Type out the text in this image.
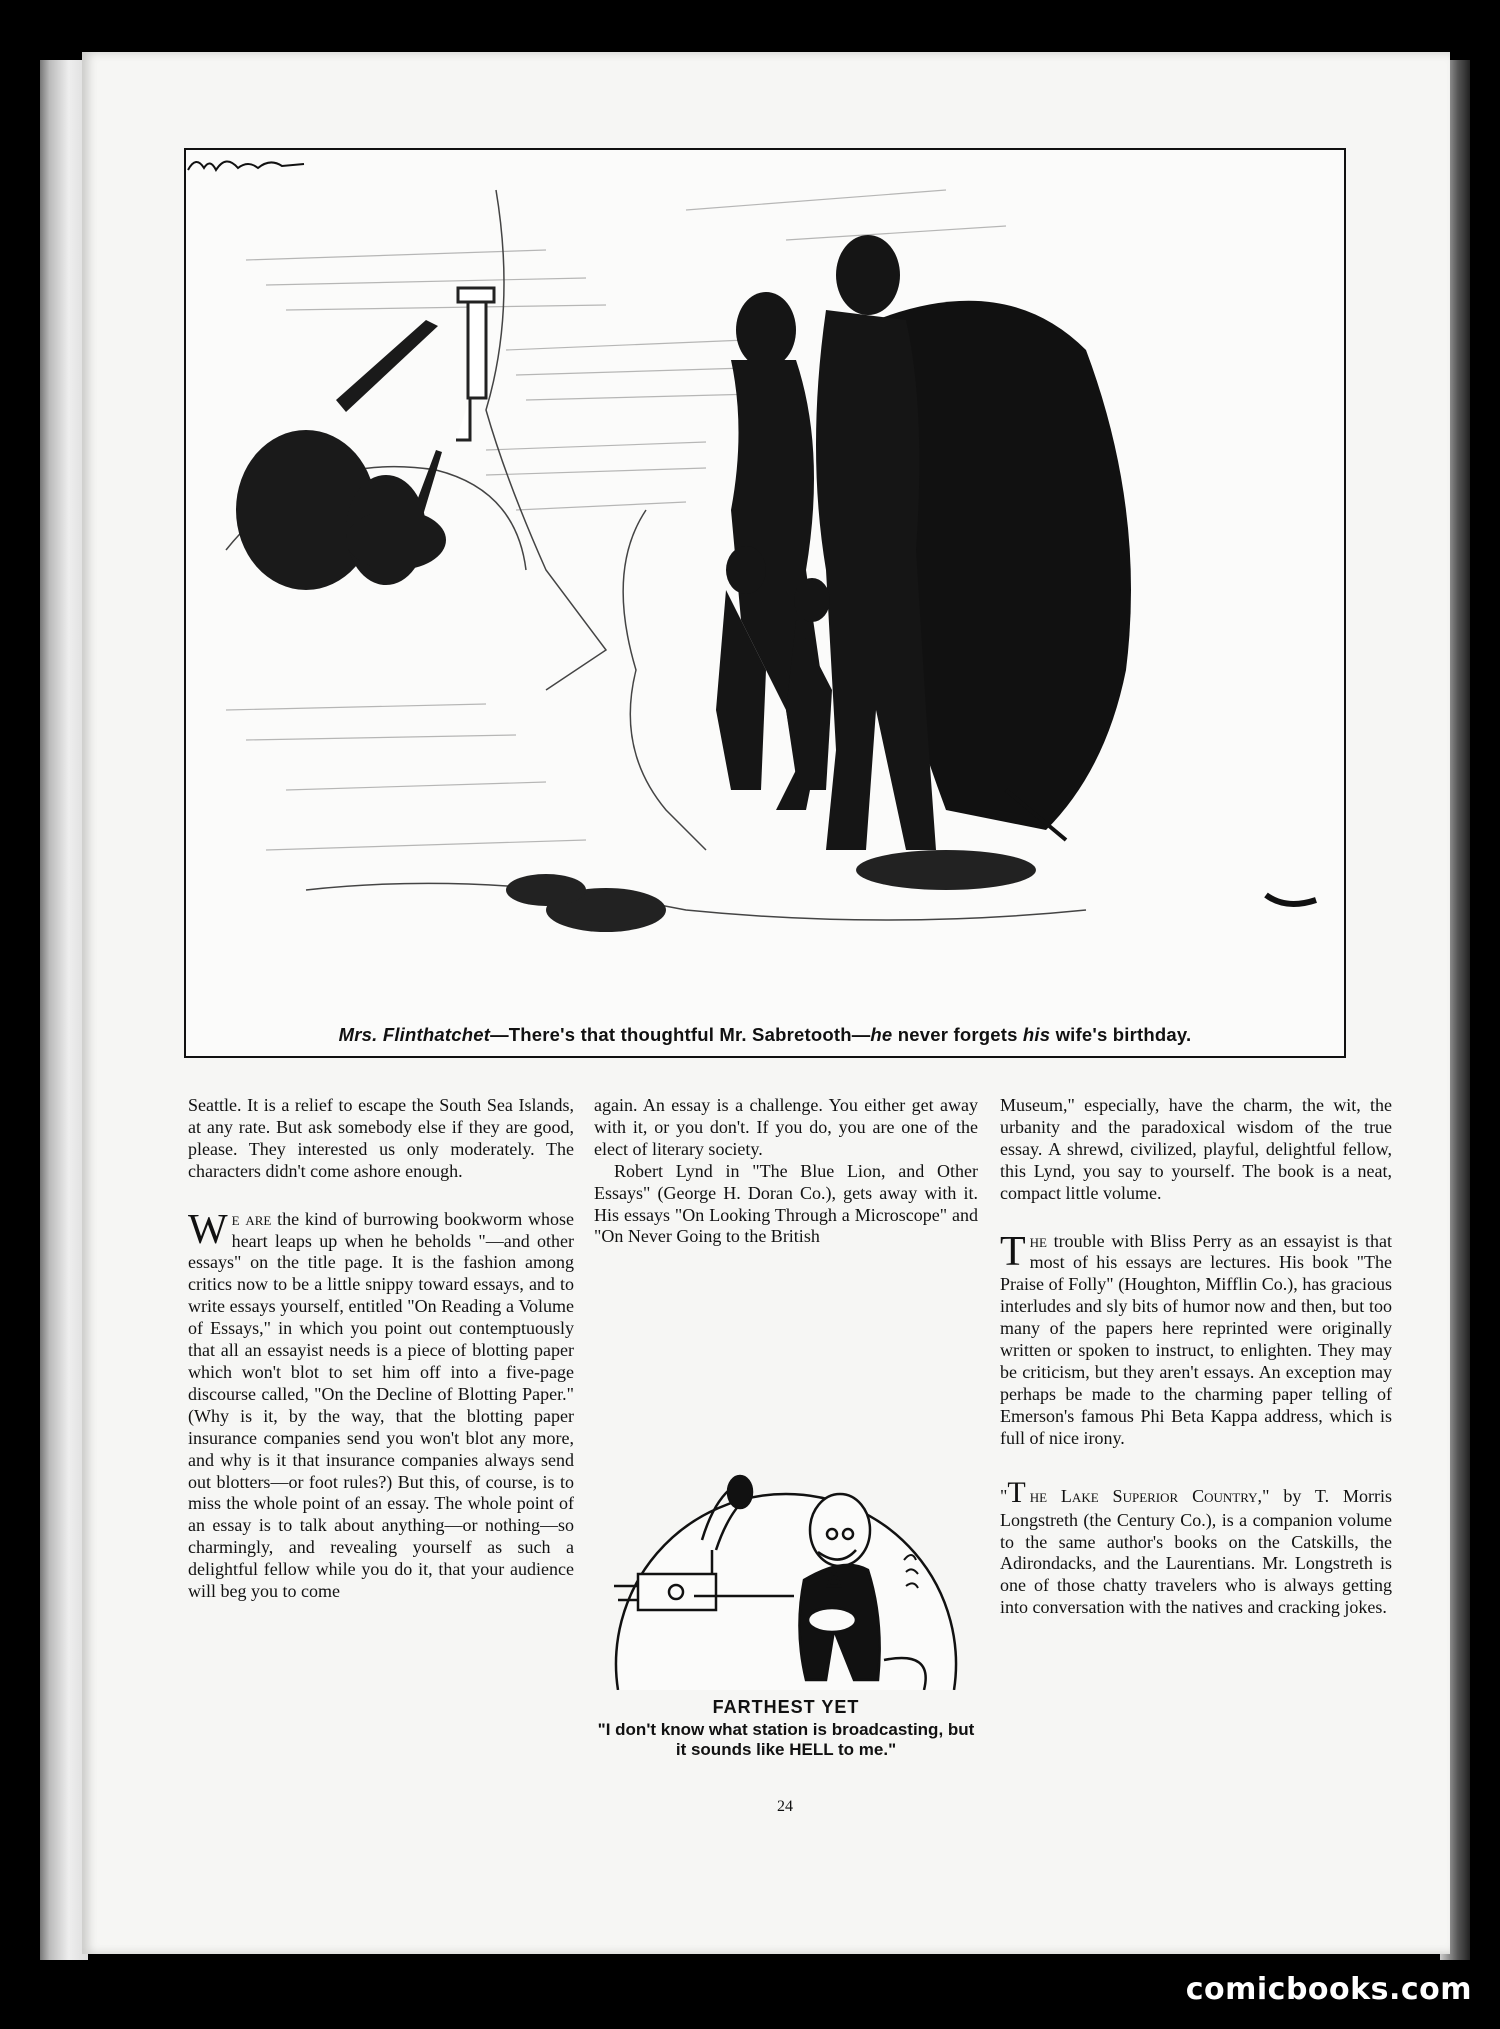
Mrs. Flinthatchet—There's that thoughtful Mr. Sabretooth—he never forgets his wife's birthday.

Seattle. It is a relief to escape the South Sea Islands, at any rate. But ask somebody else if they are good, please. They interested us only moderately. The characters didn't come ashore enough.

We are the kind of burrowing bookworm whose heart leaps up when he beholds "—and other essays" on the title page. It is the fashion among critics now to be a little snippy toward essays, and to write essays yourself, entitled "On Reading a Volume of Essays," in which you point out contemptuously that all an essayist needs is a piece of blotting paper which won't blot to set him off into a five-page discourse called, "On the Decline of Blotting Paper." (Why is it, by the way, that the blotting paper insurance companies send you won't blot any more, and why is it that insurance companies always send out blotters—or foot rules?) But this, of course, is to miss the whole point of an essay. The whole point of an essay is to talk about anything—or nothing—so charmingly, and revealing yourself as such a delightful fellow while you do it, that your audience will beg you to come

again. An essay is a challenge. You either get away with it, or you don't. If you do, you are one of the elect of literary society.

Robert Lynd in "The Blue Lion, and Other Essays" (George H. Doran Co.), gets away with it. His essays "On Looking Through a Microscope" and "On Never Going to the British

FARTHEST YET
"I don't know what station is broadcasting, but it sounds like HELL to me."

Museum," especially, have the charm, the wit, the urbanity and the paradoxical wisdom of the true essay. A shrewd, civilized, playful, delightful fellow, this Lynd, you say to yourself. The book is a neat, compact little volume.

The trouble with Bliss Perry as an essayist is that most of his essays are lectures. His book "The Praise of Folly" (Houghton, Mifflin Co.), has gracious interludes and sly bits of humor now and then, but too many of the papers here reprinted were originally written or spoken to instruct, to enlighten. They may be criticism, but they aren't essays. An exception may perhaps be made to the charming paper telling of Emerson's famous Phi Beta Kappa address, which is full of nice irony.

"T he Lake Superior Country," by T. Morris Longstreth (the Century Co.), is a companion volume to the same author's books on the Catskills, the Adirondacks, and the Laurentians. Mr. Longstreth is one of those chatty travelers who is always getting into conversation with the natives and cracking jokes.

24
comicbooks.com
